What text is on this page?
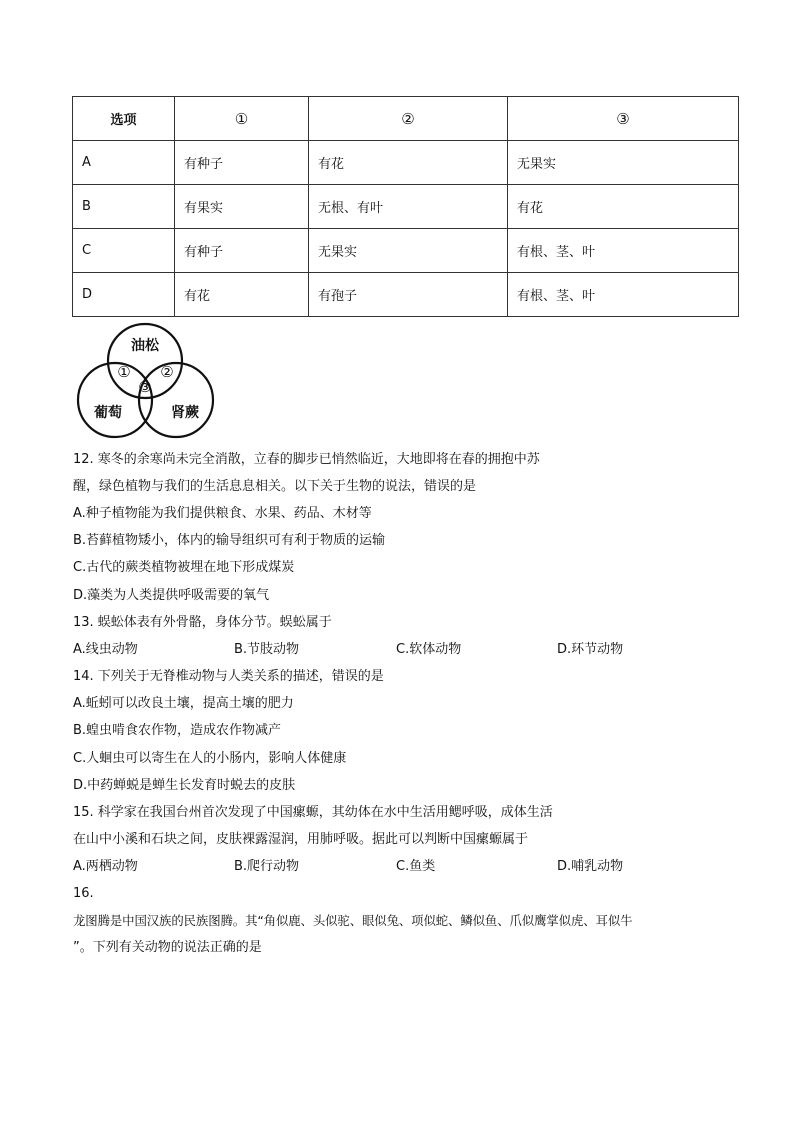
选项	①	②	③
A	有种子	有花	无果实
B	有果实	无根、有叶	有花
C	有种子	无果实	有根、茎、叶
D	有花	有孢子	有根、茎、叶
油松
葡萄	肾蕨
① ②
③
12. 寒冬的余寒尚未完全消散，立春的脚步已悄然临近，大地即将在春的拥抱中苏
醒，绿色植物与我们的生活息息相关。以下关于生物的说法，错误的是
A.种子植物能为我们提供粮食、水果、药品、木材等
B.苔藓植物矮小，体内的输导组织可有利于物质的运输
C.古代的蕨类植物被埋在地下形成煤炭
D.藻类为人类提供呼吸需要的氧气
13. 蜈蚣体表有外骨骼，身体分节。蜈蚣属于
A.线虫动物	B.节肢动物	C.软体动物	D.环节动物
14. 下列关于无脊椎动物与人类关系的描述，错误的是
A.蚯蚓可以改良土壤，提高土壤的肥力
B.蝗虫啃食农作物，造成农作物减产
C.人蛔虫可以寄生在人的小肠内，影响人体健康
D.中药蝉蜕是蝉生长发育时蜕去的皮肤
15. 科学家在我国台州首次发现了中国瘰螈，其幼体在水中生活用鳃呼吸，成体生活
在山中小溪和石块之间，皮肤裸露湿润，用肺呼吸。据此可以判断中国瘰螈属于
A.两栖动物	B.爬行动物	C.鱼类	D.哺乳动物
16.
龙图腾是中国汉族的民族图腾。其“角似鹿、头似驼、眼似兔、项似蛇、鳞似鱼、爪似鹰掌似虎、耳似牛
”。下列有关动物的说法正确的是
